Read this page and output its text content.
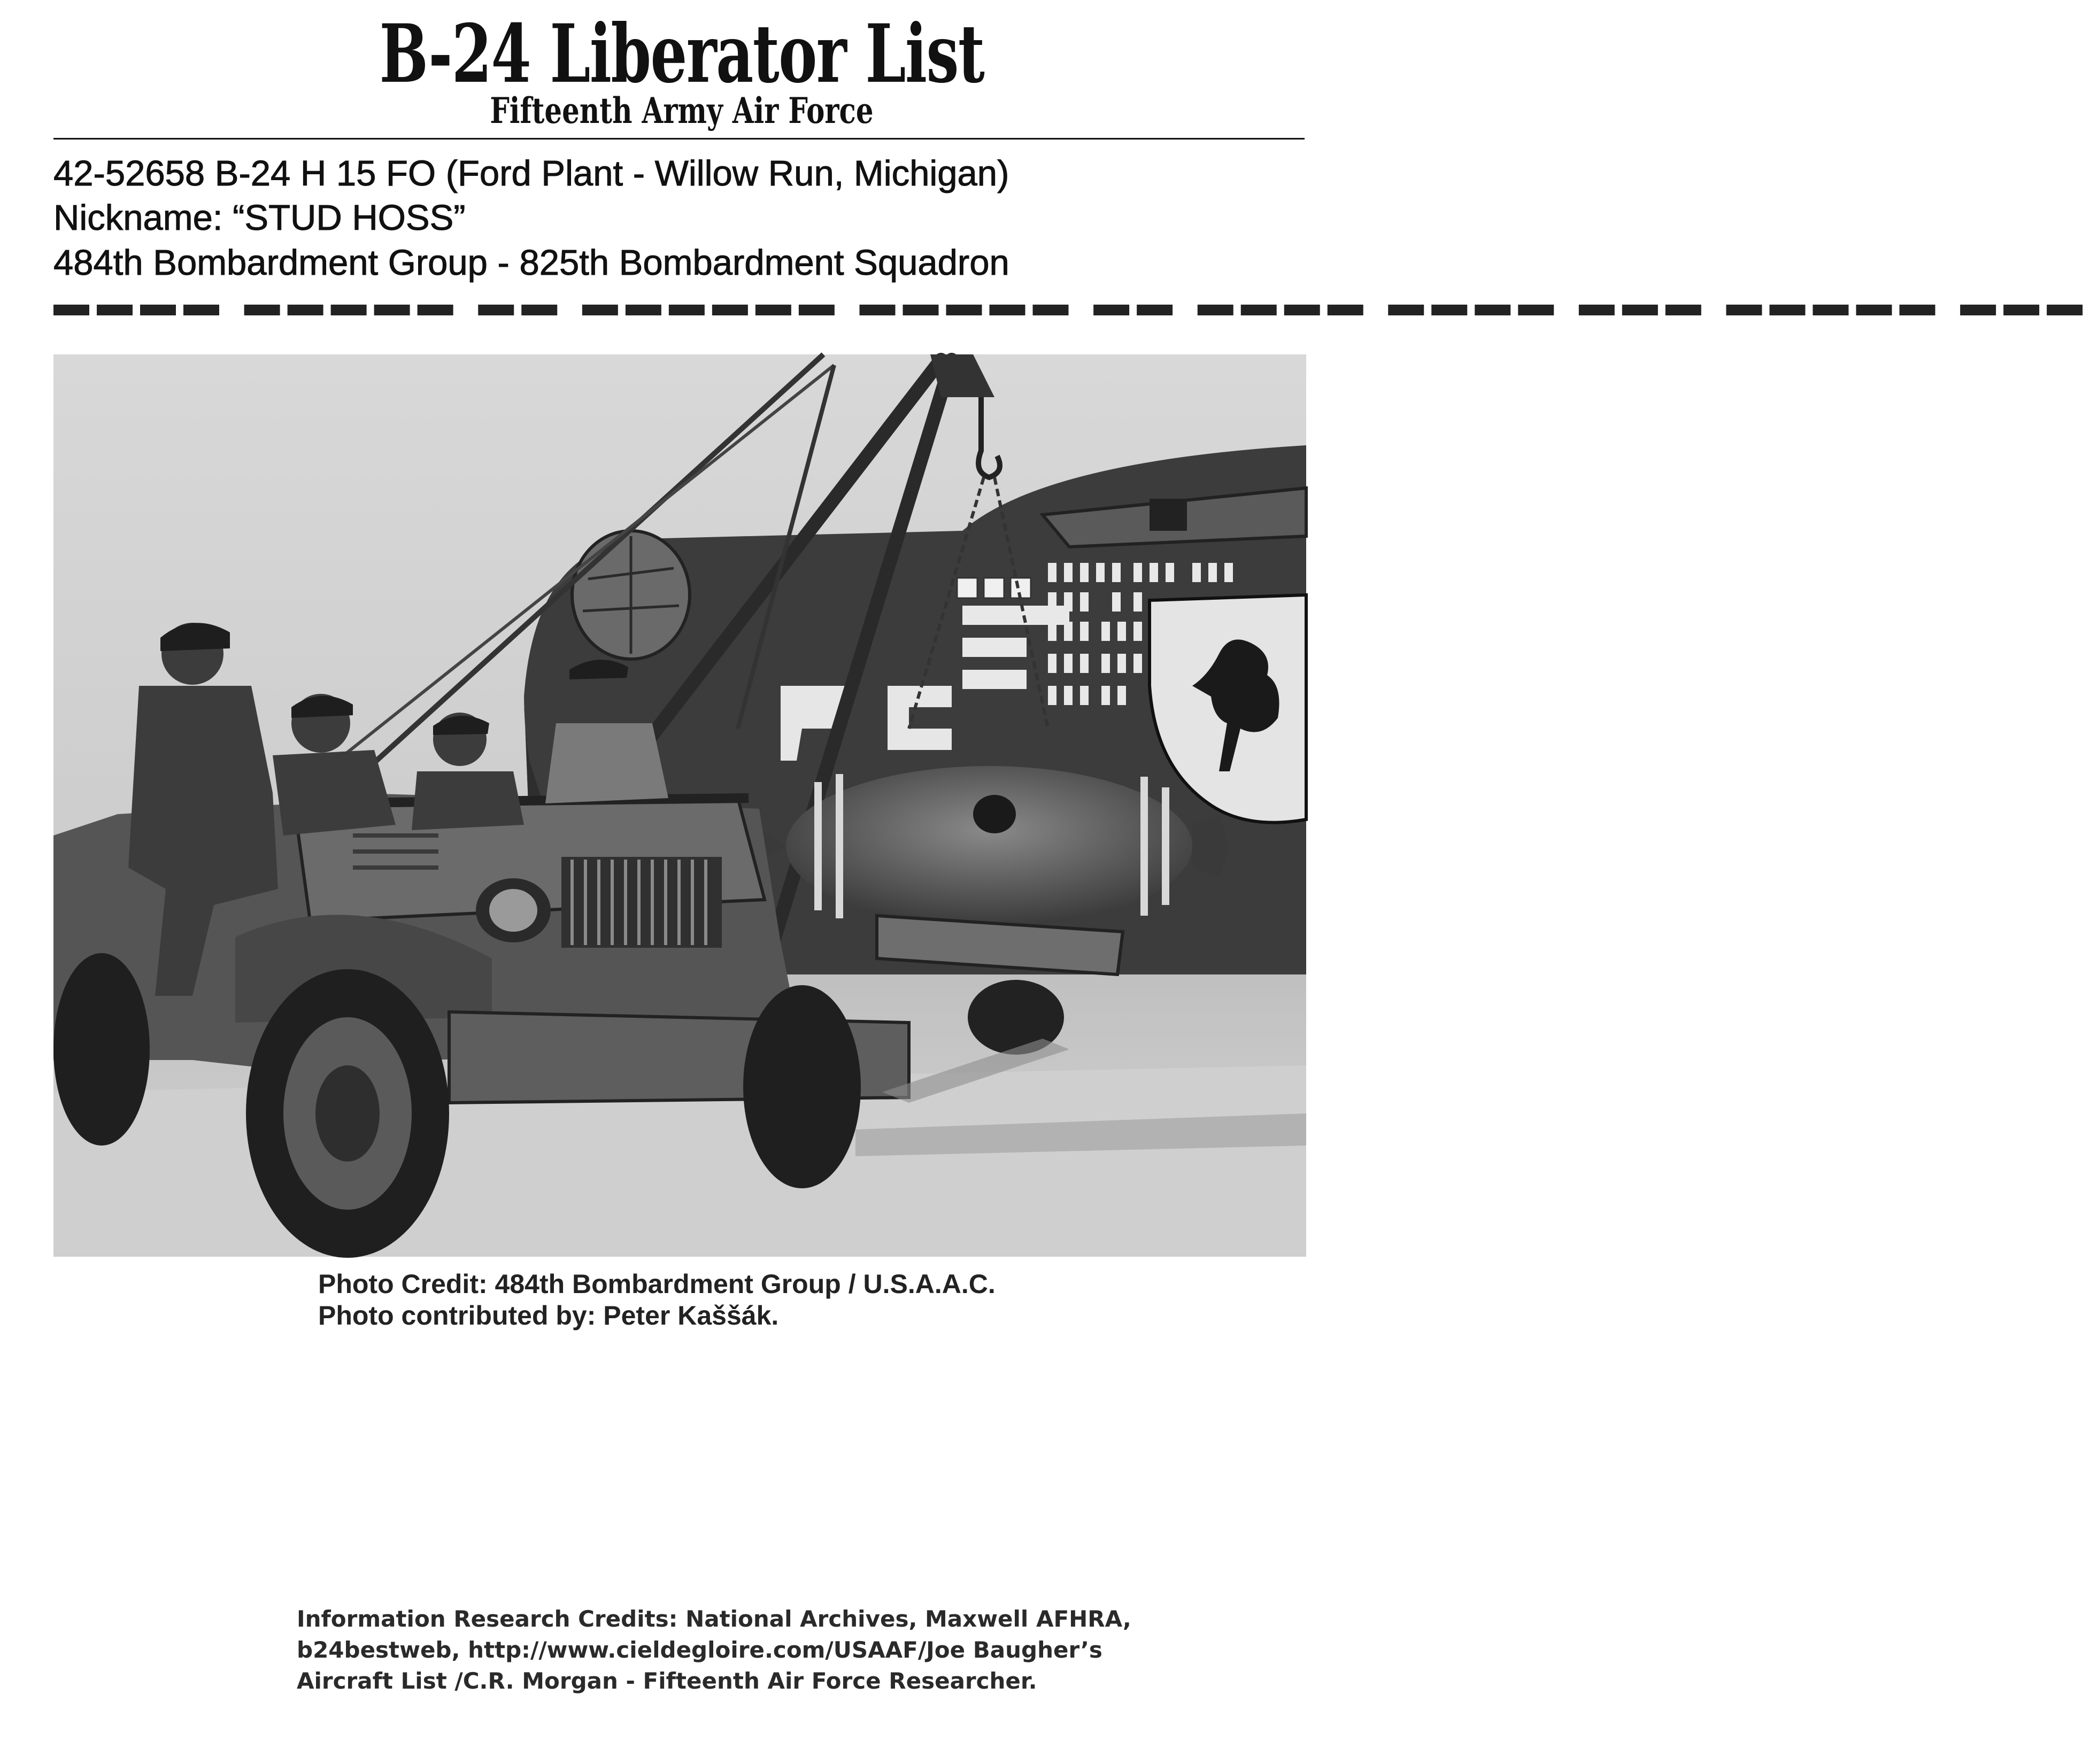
B-24 Liberator List
Fifteenth Army Air Force
42-52658 B-24 H 15 FO (Ford Plant - Willow Run, Michigan)
Nickname: “STUD HOSS”
484th Bombardment Group - 825th Bombardment Squadron
▬▬▬▬ ▬▬▬▬▬ ▬▬ ▬▬▬▬▬▬ ▬▬▬▬▬ ▬▬ ▬▬▬▬ ▬▬▬▬ ▬▬▬ ▬▬▬▬▬ ▬▬▬
Photo Credit: 484th Bombardment Group / U.S.A.A.C.
Photo contributed by: Peter Kaššák.
Information Research Credits: National Archives, Maxwell AFHRA,
b24bestweb, http://www.cieldegloire.com/USAAF/Joe Baugher’s
Aircraft List /C.R. Morgan - Fifteenth Air Force Researcher.
